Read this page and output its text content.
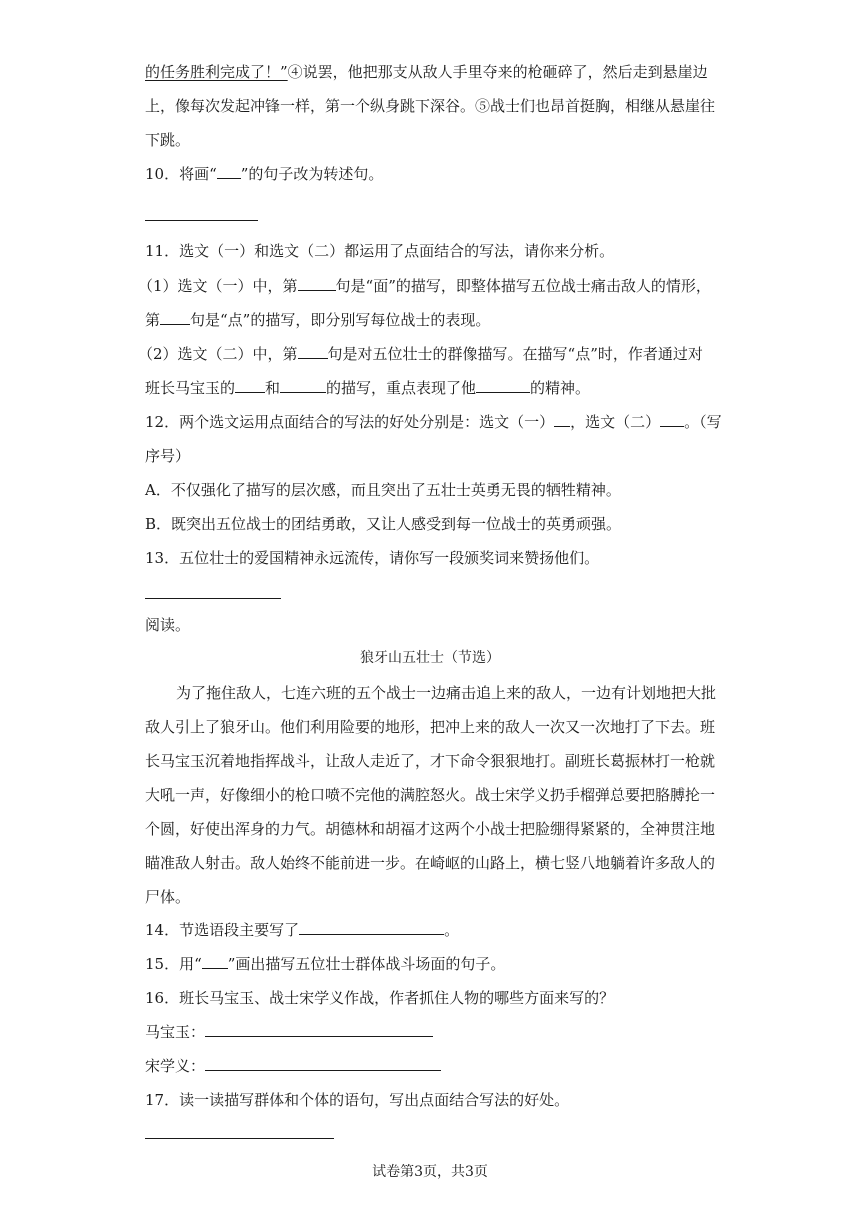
的任务胜利完成了！”④说罢，他把那支从敌人手里夺来的枪砸碎了，然后走到悬崖边
上，像每次发起冲锋一样，第一个纵身跳下深谷。⑤战士们也昂首挺胸，相继从悬崖往
下跳。
10．将画“ ”的句子改为转述句。
11．选文（一）和选文（二）都运用了点面结合的写法，请你来分析。
（1）选文（一）中，第	句是“面”的描写，即整体描写五位战士痛击敌人的情形，
第 句是“点”的描写，即分别写每位战士的表现。
（2）选文（二）中，第 句是对五位壮士的群像描写。在描写“点”时，作者通过对
班长马宝玉的 和	的描写，重点表现了他	的精神。
12．两个选文运用点面结合的写法的好处分别是：选文（一） ，选文（二） 。（写
序号）
A．不仅强化了描写的层次感，而且突出了五壮士英勇无畏的牺牲精神。
B．既突出五位战士的团结勇敢，又让人感受到每一位战士的英勇顽强。
13．五位壮士的爱国精神永远流传，请你写一段颁奖词来赞扬他们。
阅读。
狼牙山五壮士（节选）
为了拖住敌人，七连六班的五个战士一边痛击追上来的敌人，一边有计划地把大批
敌人引上了狼牙山。他们利用险要的地形，把冲上来的敌人一次又一次地打了下去。班
长马宝玉沉着地指挥战斗，让敌人走近了，才下命令狠狠地打。副班长葛振林打一枪就
大吼一声，好像细小的枪口喷不完他的满腔怒火。战士宋学义扔手榴弹总要把胳膊抡一
个圆，好使出浑身的力气。胡德林和胡福才这两个小战士把脸绷得紧紧的，全神贯注地
瞄准敌人射击。敌人始终不能前进一步。在崎岖的山路上，横七竖八地躺着许多敌人的
尸体。
14．节选语段主要写了	。
15．用“ ”画出描写五位壮士群体战斗场面的句子。
16．班长马宝玉、战士宋学义作战，作者抓住人物的哪些方面来写的？
马宝玉：
宋学义：
17．读一读描写群体和个体的语句，写出点面结合写法的好处。
试卷第3页，共3页
